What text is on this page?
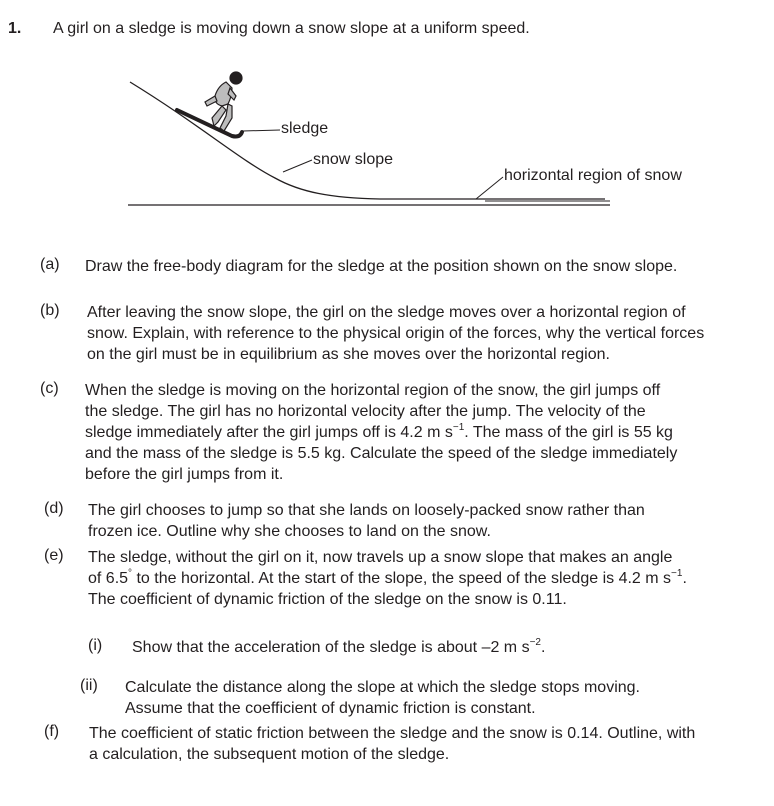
1. A girl on a sledge is moving down a snow slope at a uniform speed.
sledge
snow slope
horizontal region of snow
(a)	Draw the free-body diagram for the sledge at the position shown on the snow slope.
(b)	After leaving the snow slope, the girl on the sledge moves over a horizontal region of
snow. Explain, with reference to the physical origin of the forces, why the vertical forces
on the girl must be in equilibrium as she moves over the horizontal region.
(c)	When the sledge is moving on the horizontal region of the snow, the girl jumps off
the sledge. The girl has no horizontal velocity after the jump. The velocity of the
sledge immediately after the girl jumps off is 4.2 m $s^{-1}$. The mass of the girl is 55 kg
and the mass of the sledge is 5.5 kg. Calculate the speed of the sledge immediately
before the girl jumps from it.
(d)	The girl chooses to jump so that she lands on loosely-packed snow rather than
frozen ice. Outline why she chooses to land on the snow.
(e)	The sledge, without the girl on it, now travels up a snow slope that makes an angle
of 6.5° to the horizontal. At the start of the slope, the speed of the sledge is 4.2 m $s^{-1}$.
The coefficient of dynamic friction of the sledge on the snow is 0.11.
(i)	Show that the acceleration of the sledge is about –2 m $s^{-2}$.
(ii)	Calculate the distance along the slope at which the sledge stops moving.
Assume that the coefficient of dynamic friction is constant.
(f)	The coefficient of static friction between the sledge and the snow is 0.14. Outline, with
a calculation, the subsequent motion of the sledge.
